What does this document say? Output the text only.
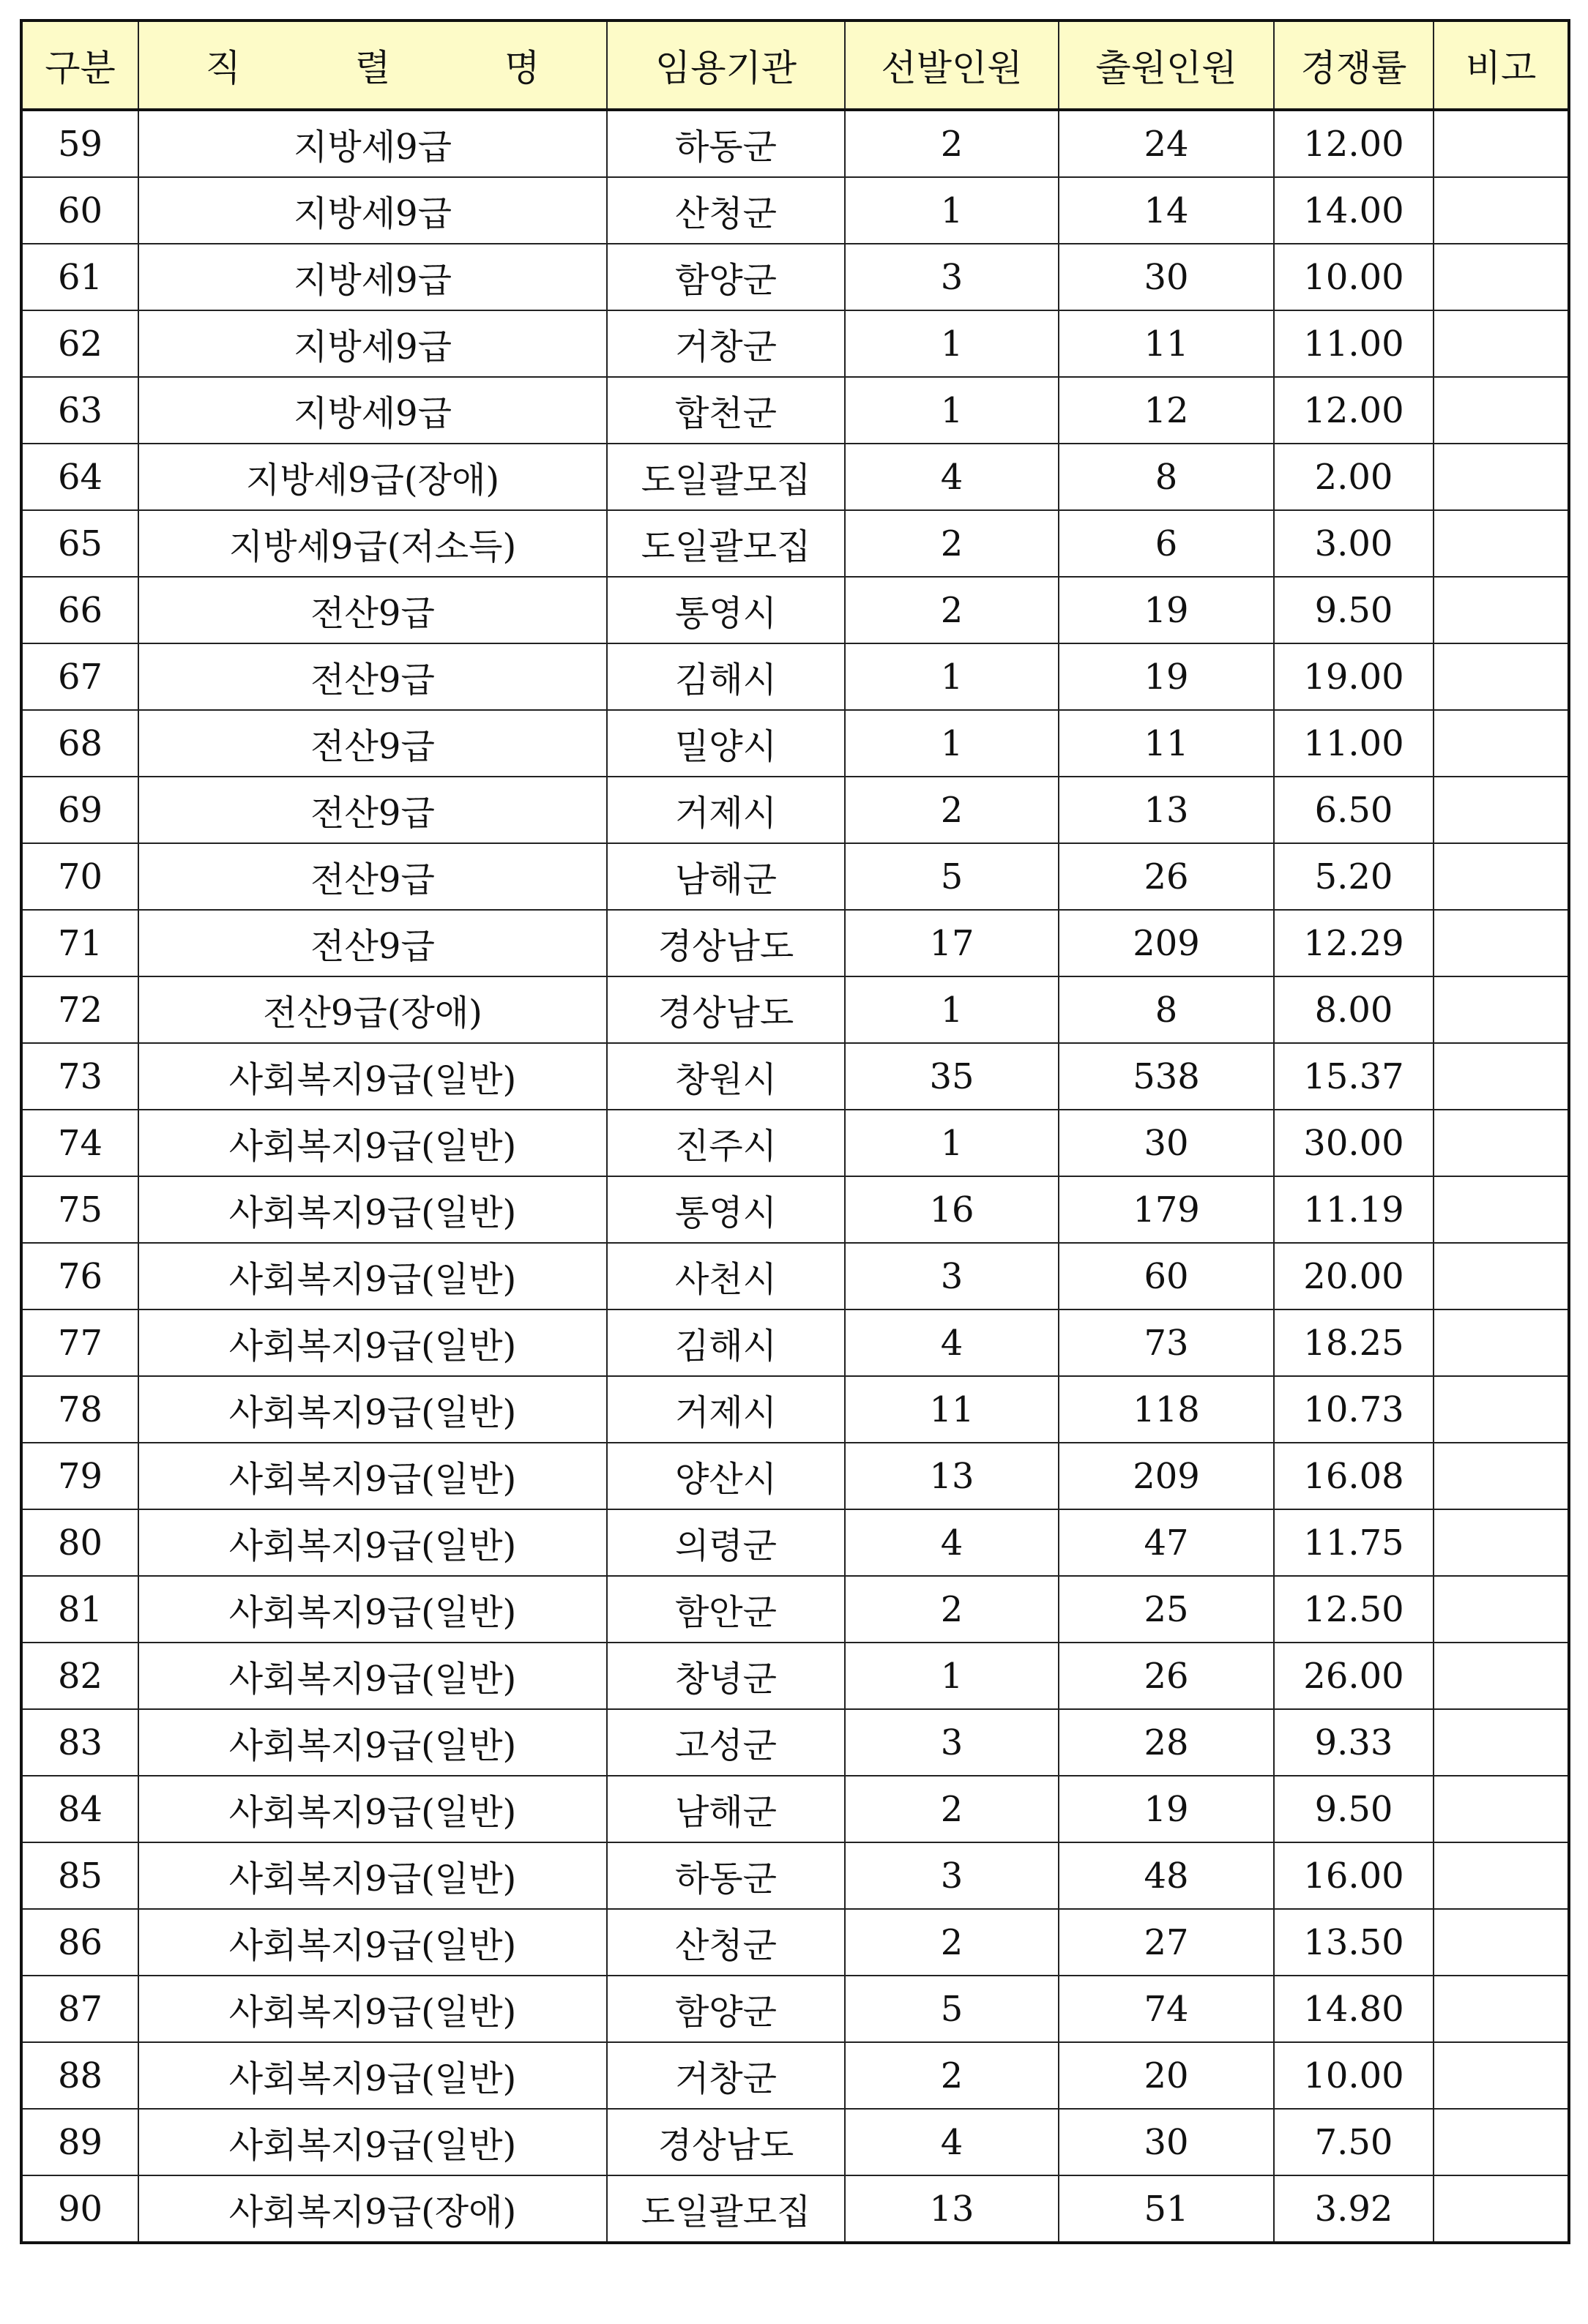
구분	직 렬 명	임용기관	선발인원	출원인원	경쟁률	비고
59	지방세9급	하동군	2	24	12.00	
60	지방세9급	산청군	1	14	14.00	
61	지방세9급	함양군	3	30	10.00	
62	지방세9급	거창군	1	11	11.00	
63	지방세9급	합천군	1	12	12.00	
64	지방세9급(장애)	도일괄모집	4	8	2.00	
65	지방세9급(저소득)	도일괄모집	2	6	3.00	
66	전산9급	통영시	2	19	9.50	
67	전산9급	김해시	1	19	19.00	
68	전산9급	밀양시	1	11	11.00	
69	전산9급	거제시	2	13	6.50	
70	전산9급	남해군	5	26	5.20	
71	전산9급	경상남도	17	209	12.29	
72	전산9급(장애)	경상남도	1	8	8.00	
73	사회복지9급(일반)	창원시	35	538	15.37	
74	사회복지9급(일반)	진주시	1	30	30.00	
75	사회복지9급(일반)	통영시	16	179	11.19	
76	사회복지9급(일반)	사천시	3	60	20.00	
77	사회복지9급(일반)	김해시	4	73	18.25	
78	사회복지9급(일반)	거제시	11	118	10.73	
79	사회복지9급(일반)	양산시	13	209	16.08	
80	사회복지9급(일반)	의령군	4	47	11.75	
81	사회복지9급(일반)	함안군	2	25	12.50	
82	사회복지9급(일반)	창녕군	1	26	26.00	
83	사회복지9급(일반)	고성군	3	28	9.33	
84	사회복지9급(일반)	남해군	2	19	9.50	
85	사회복지9급(일반)	하동군	3	48	16.00	
86	사회복지9급(일반)	산청군	2	27	13.50	
87	사회복지9급(일반)	함양군	5	74	14.80	
88	사회복지9급(일반)	거창군	2	20	10.00	
89	사회복지9급(일반)	경상남도	4	30	7.50	
90	사회복지9급(장애)	도일괄모집	13	51	3.92	
